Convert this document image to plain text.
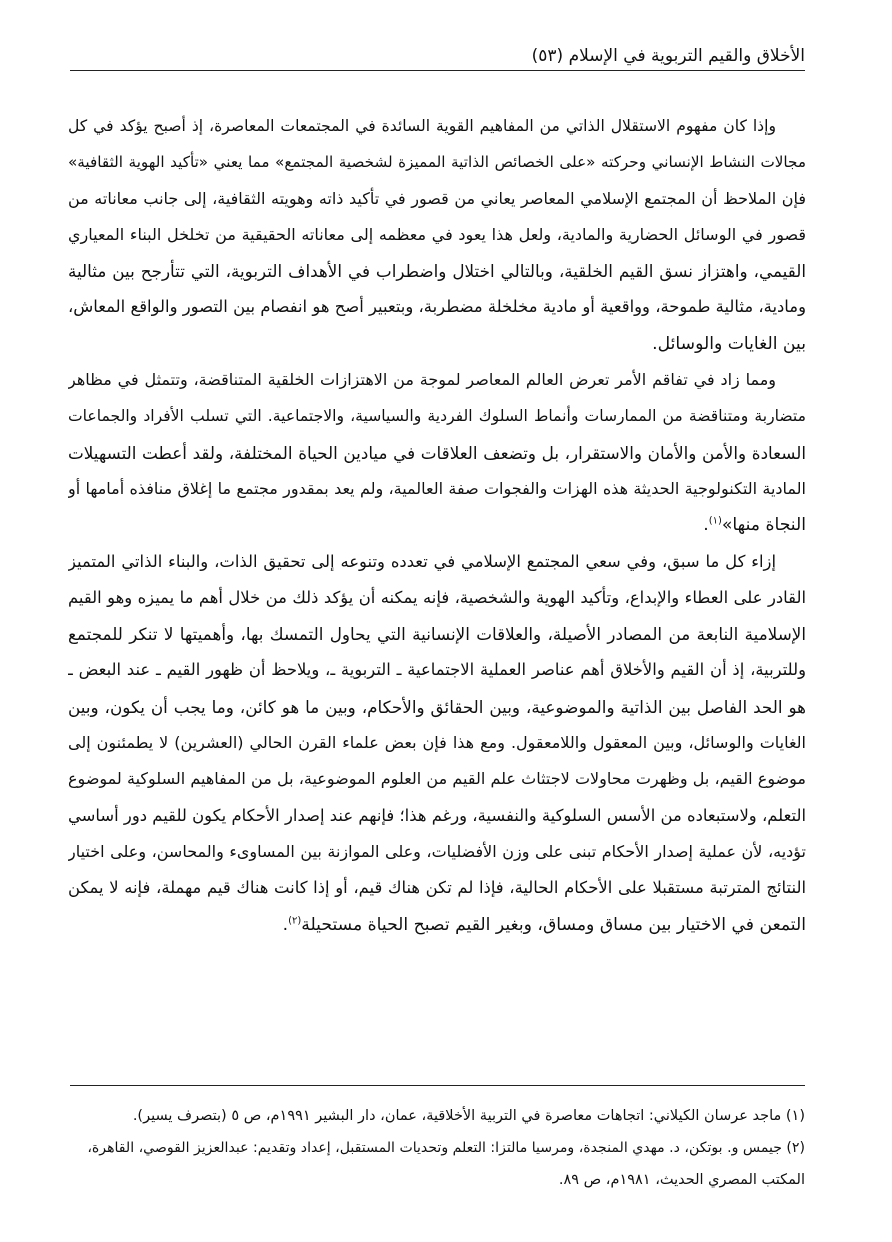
الأخلاق والقيم التربوية في الإسلام (٥٣)
وإذا كان مفهوم الاستقلال الذاتي من المفاهيم القوية السائدة في المجتمعات المعاصرة، إذ أصبح يؤكد في كل
مجالات النشاط الإنساني وحركته «على الخصائص الذاتية المميزة لشخصية المجتمع» مما يعني «تأكيد الهوية الثقافية»
فإن الملاحظ أن المجتمع الإسلامي المعاصر يعاني من قصور في تأكيد ذاته وهويته الثقافية، إلى جانب معاناته من
قصور في الوسائل الحضارية والمادية، ولعل هذا يعود في معظمه إلى معاناته الحقيقية من تخلخل البناء المعياري
القيمي، واهتزاز نسق القيم الخلقية، وبالتالي اختلال واضطراب في الأهداف التربوية، التي تتأرجح بين مثالية
ومادية، مثالية طموحة، وواقعية أو مادية مخلخلة مضطربة، وبتعبير أصح هو انفصام بين التصور والواقع المعاش،
بين الغايات والوسائل.
ومما زاد في تفاقم الأمر تعرض العالم المعاصر لموجة من الاهتزازات الخلقية المتناقضة، وتتمثل في مظاهر
متضاربة ومتناقضة من الممارسات وأنماط السلوك الفردية والسياسية، والاجتماعية. التي تسلب الأفراد والجماعات
السعادة والأمن والأمان والاستقرار، بل وتضعف العلاقات في ميادين الحياة المختلفة، ولقد أعطت التسهيلات
المادية التكنولوجية الحديثة هذه الهزات والفجوات صفة العالمية، ولم يعد بمقدور مجتمع ما إغلاق منافذه أمامها أو
النجاة منها»$^{(١)}$.
إزاء كل ما سبق، وفي سعي المجتمع الإسلامي في تعدده وتنوعه إلى تحقيق الذات، والبناء الذاتي المتميز
القادر على العطاء والإبداع، وتأكيد الهوية والشخصية، فإنه يمكنه أن يؤكد ذلك من خلال أهم ما يميزه وهو القيم
الإسلامية النابعة من المصادر الأصيلة، والعلاقات الإنسانية التي يحاول التمسك بها، وأهميتها لا تنكر للمجتمع
وللتربية، إذ أن القيم والأخلاق أهم عناصر العملية الاجتماعية ـ التربوية ـ، ويلاحظ أن ظهور القيم ـ عند البعض ـ
هو الحد الفاصل بين الذاتية والموضوعية، وبين الحقائق والأحكام، وبين ما هو كائن، وما يجب أن يكون، وبين
الغايات والوسائل، وبين المعقول واللامعقول. ومع هذا فإن بعض علماء القرن الحالي (العشرين) لا يطمئنون إلى
موضوع القيم، بل وظهرت محاولات لاجتثاث علم القيم من العلوم الموضوعية، بل من المفاهيم السلوكية لموضوع
التعلم، ولاستبعاده من الأسس السلوكية والنفسية، ورغم هذا؛ فإنهم عند إصدار الأحكام يكون للقيم دور أساسي
تؤديه، لأن عملية إصدار الأحكام تبنى على وزن الأفضليات، وعلى الموازنة بين المساوىء والمحاسن، وعلى اختيار
النتائج المترتبة مستقبلا على الأحكام الحالية، فإذا لم تكن هناك قيم، أو إذا كانت هناك قيم مهملة، فإنه لا يمكن
التمعن في الاختيار بين مساق ومساق، وبغير القيم تصبح الحياة مستحيلة$^{(٢)}$.
(١) ماجد عرسان الكيلاني: اتجاهات معاصرة في التربية الأخلاقية، عمان، دار البشير ١٩٩١م، ص ٥ (بتصرف يسير).
(٢) جيمس و. بوتكن، د. مهدي المنجدة، ومرسيا مالتزا: التعلم وتحديات المستقبل، إعداد وتقديم: عبدالعزيز القوصي، القاهرة،
المكتب المصري الحديث، ١٩٨١م، ص ٨٩.
